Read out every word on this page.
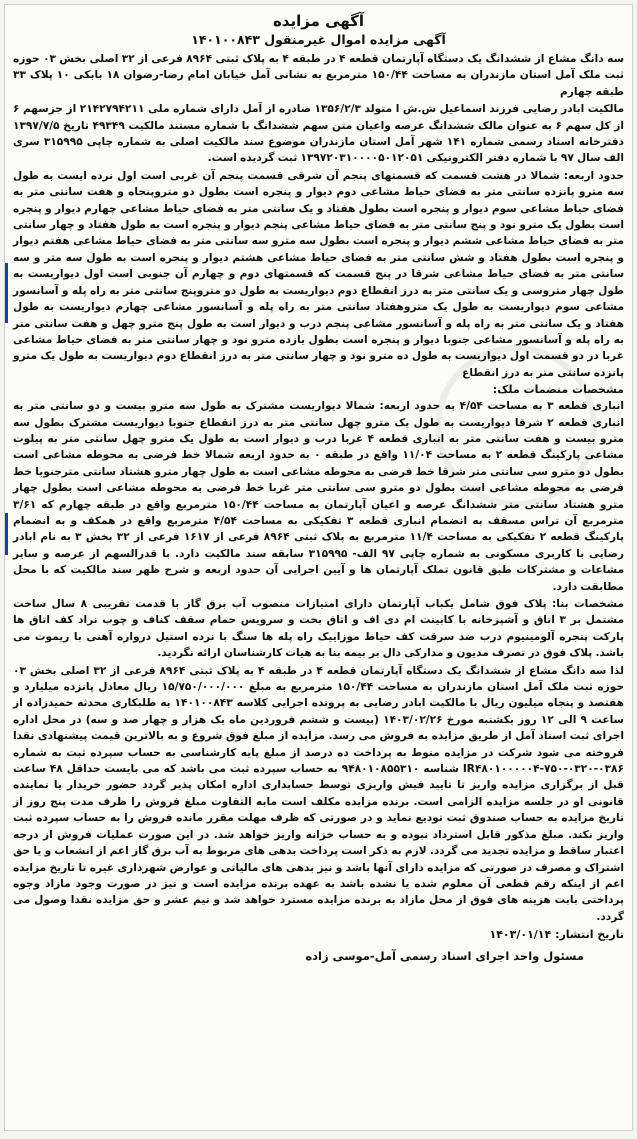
آگهی مزایده
آگهی مزایده اموال غیرمنقول ۱۴۰۱۰۰۸۴۳

سه دانگ مشاع از ششدانگ یک دستگاه آپارتمان قطعه ۴ در طبقه ۴ به پلاک ثبتی ۸۹۶۴ فرعی از ۳۲ اصلی بخش ۰۳ حوزه ثبت ملک آمل استان مازندران به مساحت ۱۵۰/۴۴ مترمربع به نشانی آمل خیابان امام رضا-رضوان ۱۸ بابکی ۱۰ پلاک ۳۳ طبقه چهارم

مالکیت ابادر رضایی فرزند اسماعیل ش.ش ا متولد ۱۳۵۶/۲/۳ صادره از آمل دارای شماره ملی ۲۱۴۲۷۹۴۲۱۱ از جزسهم ۶ از کل سهم ۶ به عنوان مالک ششدانگ عرصه واعیان متن سهم ششدانگ با شماره مستند مالکیت ۴۹۳۴۹ تاریخ ۱۳۹۷/۷/۵ دفترخانه اسناد رسمی شماره ۱۴۱ شهر آمل استان مازندران موضوع سند مالکیت اصلی به شماره چاپی ۳۱۵۹۹۵ سری الف سال ۹۷ با شماره دفتر الکترونیکی ۱۳۹۷۲۰۳۱۰۰۰۰۵۰۱۲۰۵۱ ثبت گردیده است.

حدود اربعه: شمالا در هشت قسمت که قسمتهای پنجم آن شرقی قسمت پنجم آن غربی است اول نرده ایست به طول سه مترو پانزده سانتی متر به فضای حیاط مشاعی دوم دیوار و پنجره است بطول دو متروپنجاه و هفت سانتی متر به فضای حیاط مشاعی سوم دیوار و پنجره است بطول هفتاد و یک سانتی متر به فضای حیاط مشاعی چهارم دیوار و پنجره است بطول یک مترو نود و پنج سانتی متر به فضای حیاط مشاعی پنجم دیوار و پنجره است به طول هفتاد و چهار سانتی متر به فضای حیاط مشاعی ششم دیوار و پنجره است بطول سه مترو سه سانتی متر به فضای حیاط مشاعی هفتم دیوار و پنجره است بطول هفتاد و شش سانتی متر به فضای حیاط مشاعی هشتم دیوار و پنجره است به طول سه متر و سه سانتی متر به فضای حیاط مشاعی شرقا در پنج قسمت که قسمتهای دوم و چهارم آن جنوبی است اول دیواریست به طول چهار متروسی و یک سانتی متر به درز انقطاع دوم دیواریست به طول دو متروپنج سانتی متر به راه پله و آسانسور مشاعی سوم دیواریست به طول یک متروهفتاد سانتی متر به راه پله و آسانسور مشاعی چهارم دیواریست به طول هفتاد و یک سانتی متر به راه پله و آسانسور مشاعی پنجم درب و دیوار است به طول پنج مترو چهل و هفت سانتی متر به راه پله و آسانسور مشاعی جنوبا دیوار و پنجره است بطول یازده مترو نود و چهار سانتی متر به فضای حیاط مشاعی غربا در دو قسمت اول دیواریست به طول ده مترو نود و چهار سانتی متر به درز انقطاع دوم دیواریست به طول یک مترو پانزده سانتی متر به درز انقطاع

مشخصات منضمات ملک:

انباری قطعه ۳ به مساحت ۴/۵۴ به حدود اربعه: شمالا دیواریست مشترک به طول سه مترو بیست و دو سانتی متر به انباری قطعه ۲ شرقا دیواریست به طول یک مترو چهل سانتی متر به درز انقطاع جنوبا دیواریست مشترک بطول سه مترو بیست و هفت سانتی متر به انباری قطعه ۴ غربا درب و دیوار است به طول یک مترو چهل سانتی متر به پیلوت مشاعی پارکینگ قطعه ۲ به مساحت ۱۱/۰۴ واقع در طبقه ۰ به حدود اربعه شمالا خط فرضی به محوطه مشاعی است بطول دو مترو سی سانتی متر شرقا خط فرضی به محوطه مشاعی است به طول چهار مترو هشتاد سانتی مترجنوبا خط فرضی به محوطه مشاعی است بطول دو مترو سی سانتی متر غربا خط فرضی به محوطه مشاعی است بطول چهار مترو هشتاد سانتی متر ششدانگ عرصه و اعیان آپارتمان به مساحت ۱۵۰/۴۴ مترمربع واقع در طبقه چهارم که ۳/۶۱ مترمربع آن تراس مسقف به انضمام انباری قطعه ۳ تفکیکی به مساحت ۴/۵۴ مترمربع واقع در همکف و به انضمام پارکینگ قطعه ۲ تفکیکی به مساحت ۱۱/۴ مترمربع به پلاک ثبتی ۸۹۶۴ فرعی از ۱۶۱۷ فرعی از ۳۲ بخش ۳ به نام ابادر رضایی با کاربری مسکونی به شماره چاپی ۹۷ الف- ۳۱۵۹۹۵ سابقه سند مالکیت دارد. با قدرالسهم از عرصه و سایر مشاعات و مشترکات طبق قانون تملک آپارتمان ها و آیین اجرایی آن حدود اربعه و شرح ظهر سند مالکیت که با محل مطابقت دارد.

مشخصات بنا: پلاک فوق شامل یکباب آپارتمان دارای امتیازات منصوب آب برق گاز با قدمت تقریبی ۸ سال ساخت مشتمل بر ۳ اتاق و آشپزخانه با کابینت ام دی اف و اتاق بخت و سرویس حمام سقف کناف و چوب نراد کف اتاق ها پارکت پنجره آلومینیوم درب ضد سرقت کف حیاط موزاییک راه پله ها سنگ با نرده استیل درواره آهنی با ریموت می باشد. پلاک فوق در تصرف مدیون و مدارکی دال بر بیمه بنا به هیات کارشناسان ارائه نگردید.

لذا سه دانگ مشاع از ششدانگ یک دستگاه آپارتمان قطعه ۴ در طبقه ۴ به پلاک ثبتی ۸۹۶۴ فرعی از ۳۲ اصلی بخش ۰۳ حوزه ثبت ملک آمل استان مازندران به مساحت ۱۵۰/۴۴ مترمربع به مبلغ ۱۵/۷۵۰/۰۰۰/۰۰۰ ریال معادل پانزده میلیارد و هفتصد و پنجاه میلیون ریال با مالکیت ابادر رضایی به پرونده اجرایی کلاسه ۱۴۰۱۰۰۸۴۳ به طلبکاری محدثه حمیدزاده از ساعت ۹ الی ۱۲ روز یکشنبه مورخ ۱۴۰۳/۰۲/۲۶ (بیست و ششم فروردین ماه یک هزار و چهار صد و سه) در محل اداره اجرای ثبت اسناد آمل از طریق مزایده به فروش می رسد. مزایده از مبلغ فوق شروع و به بالاترین قیمت پیشنهادی نقدا فروخته می شود شرکت در مزایده منوط به پرداخت ده درصد از مبلغ پایه کارشناسی به حساب سپرده ثبت به شماره ۰۳۸۶-۰۳۲۰-۷۵۰-IR۴۸۰۱۰۰۰۰۰۴ شناسه ۹۴۸۰۱۰۸۵۵۳۱۰ به حساب سپرده ثبت می باشد که می بایست حداقل ۴۸ ساعت قبل از برگزاری مزایده واریز تا تایید فیش واریزی توسط حسابداری اداره امکان پذیر گردد حضور خریدار یا نماینده قانونی او در جلسه مزایده الزامی است. برنده مزایده مکلف است مابه التفاوت مبلغ فروش را ظرف مدت پنج روز از تاریخ مزایده به حساب صندوق ثبت تودیع نماید و در صورتی که ظرف مهلت مقرر مانده فروش را به حساب سپرده ثبت واریز نکند. مبلغ مذکور قابل استرداد نبوده و به حساب خزانه واریز خواهد شد. در این صورت عملیات فروش از درجه اعتبار ساقط و مزایده تجدید می گردد. لازم به ذکر است پرداخت بدهی های مربوط به آب برق گاز اعم از انشعاب و یا حق اشتراک و مصرف در صورتی که مزایده دارای آنها باشد و نیز بدهی های مالیاتی و عوارض شهرداری غیره تا تاریخ مزایده اعم از اینکه رقم قطعی آن معلوم شده یا نشده باشد به عهده برنده مزایده است و نیز در صورت وجود مازاد وجوه پرداختی بابت هزینه های فوق از محل مازاد به برنده مزایده مسترد خواهد شد و نیم عشر و حق مزایده نقدا وصول می گردد.

تاریخ انتشار: ۱۴۰۳/۰۱/۱۴
مسئول واحد اجرای اسناد رسمی آمل-موسی زاده
